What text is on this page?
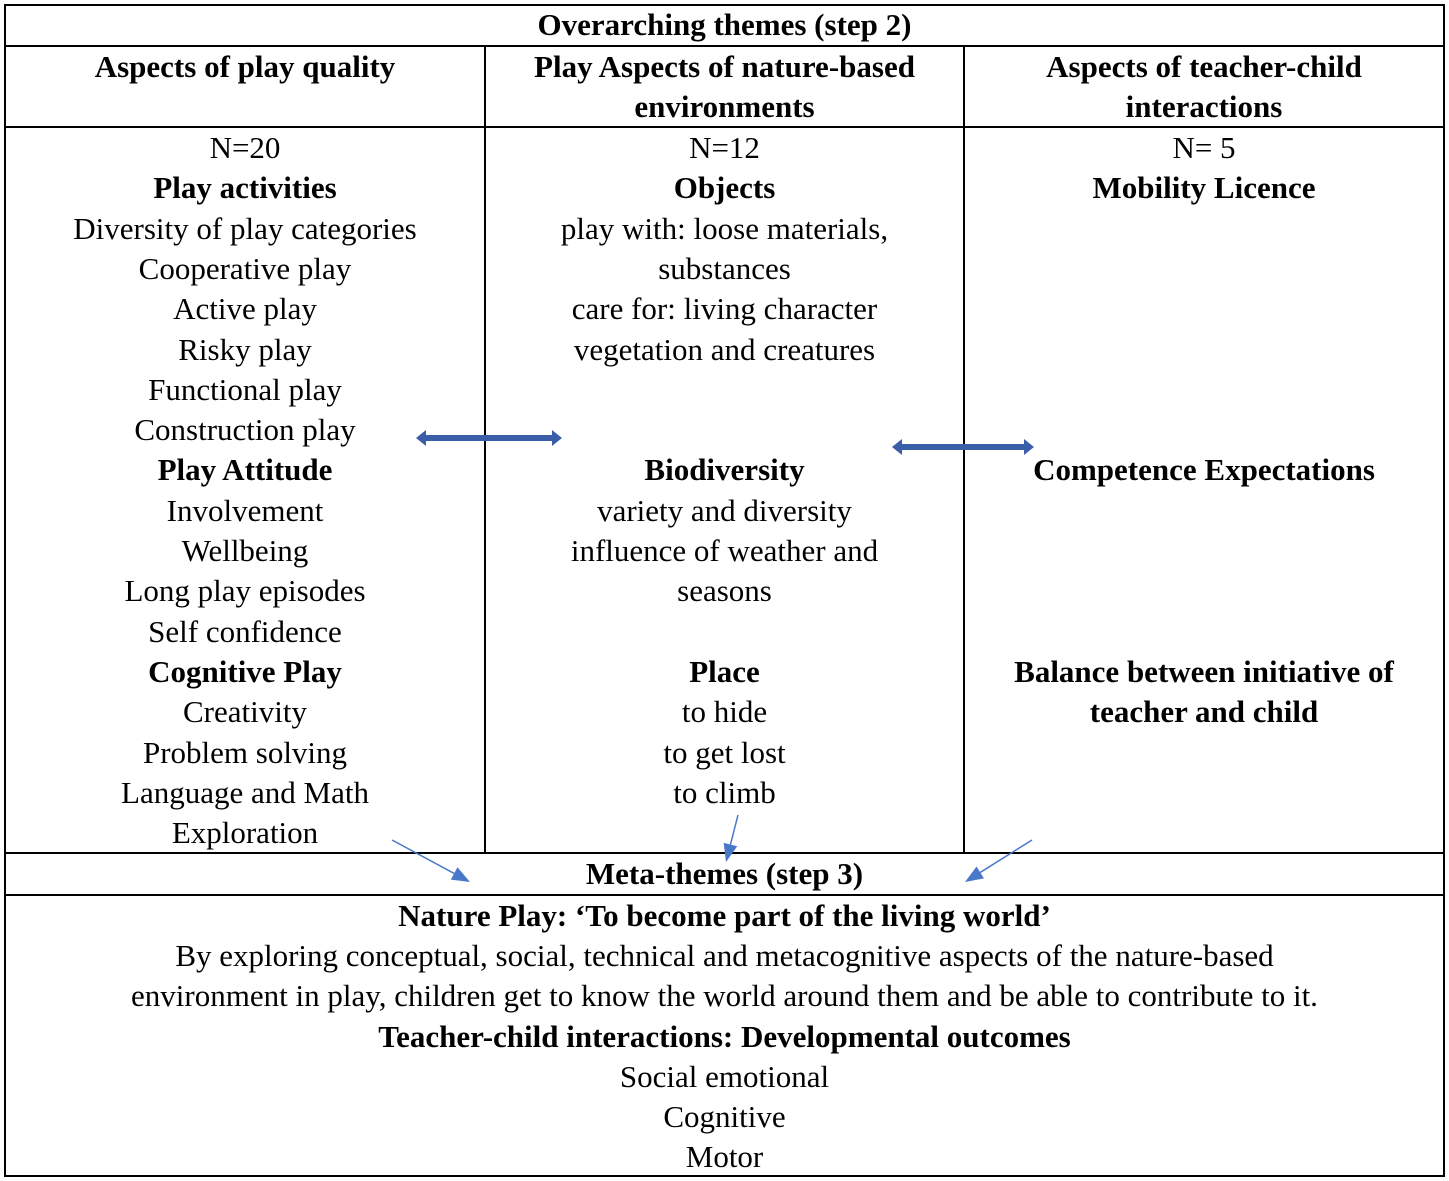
Overarching themes (step 2)
Aspects of play quality
N=20
Play activities
Diversity of play categories
Cooperative play
Active play
Risky play
Functional play
Construction play
Play Attitude
Involvement
Wellbeing
Long play episodes
Self confidence
Cognitive Play
Creativity
Problem solving
Language and Math
Exploration
Play Aspects of nature-based
environments
N=12
Objects
play with: loose materials,
substances
care for: living character
vegetation and creatures
Biodiversity
variety and diversity
influence of weather and
seasons
Place
to hide
to get lost
to climb
Aspects of teacher-child
interactions
N= 5
Mobility Licence
Competence Expectations
Balance between initiative of
teacher and child
Meta-themes (step 3)
Nature Play: ‘To become part of the living world’
By exploring conceptual, social, technical and metacognitive aspects of the nature-based
environment in play, children get to know the world around them and be able to contribute to it.
Teacher-child interactions: Developmental outcomes
Social emotional
Cognitive
Motor
